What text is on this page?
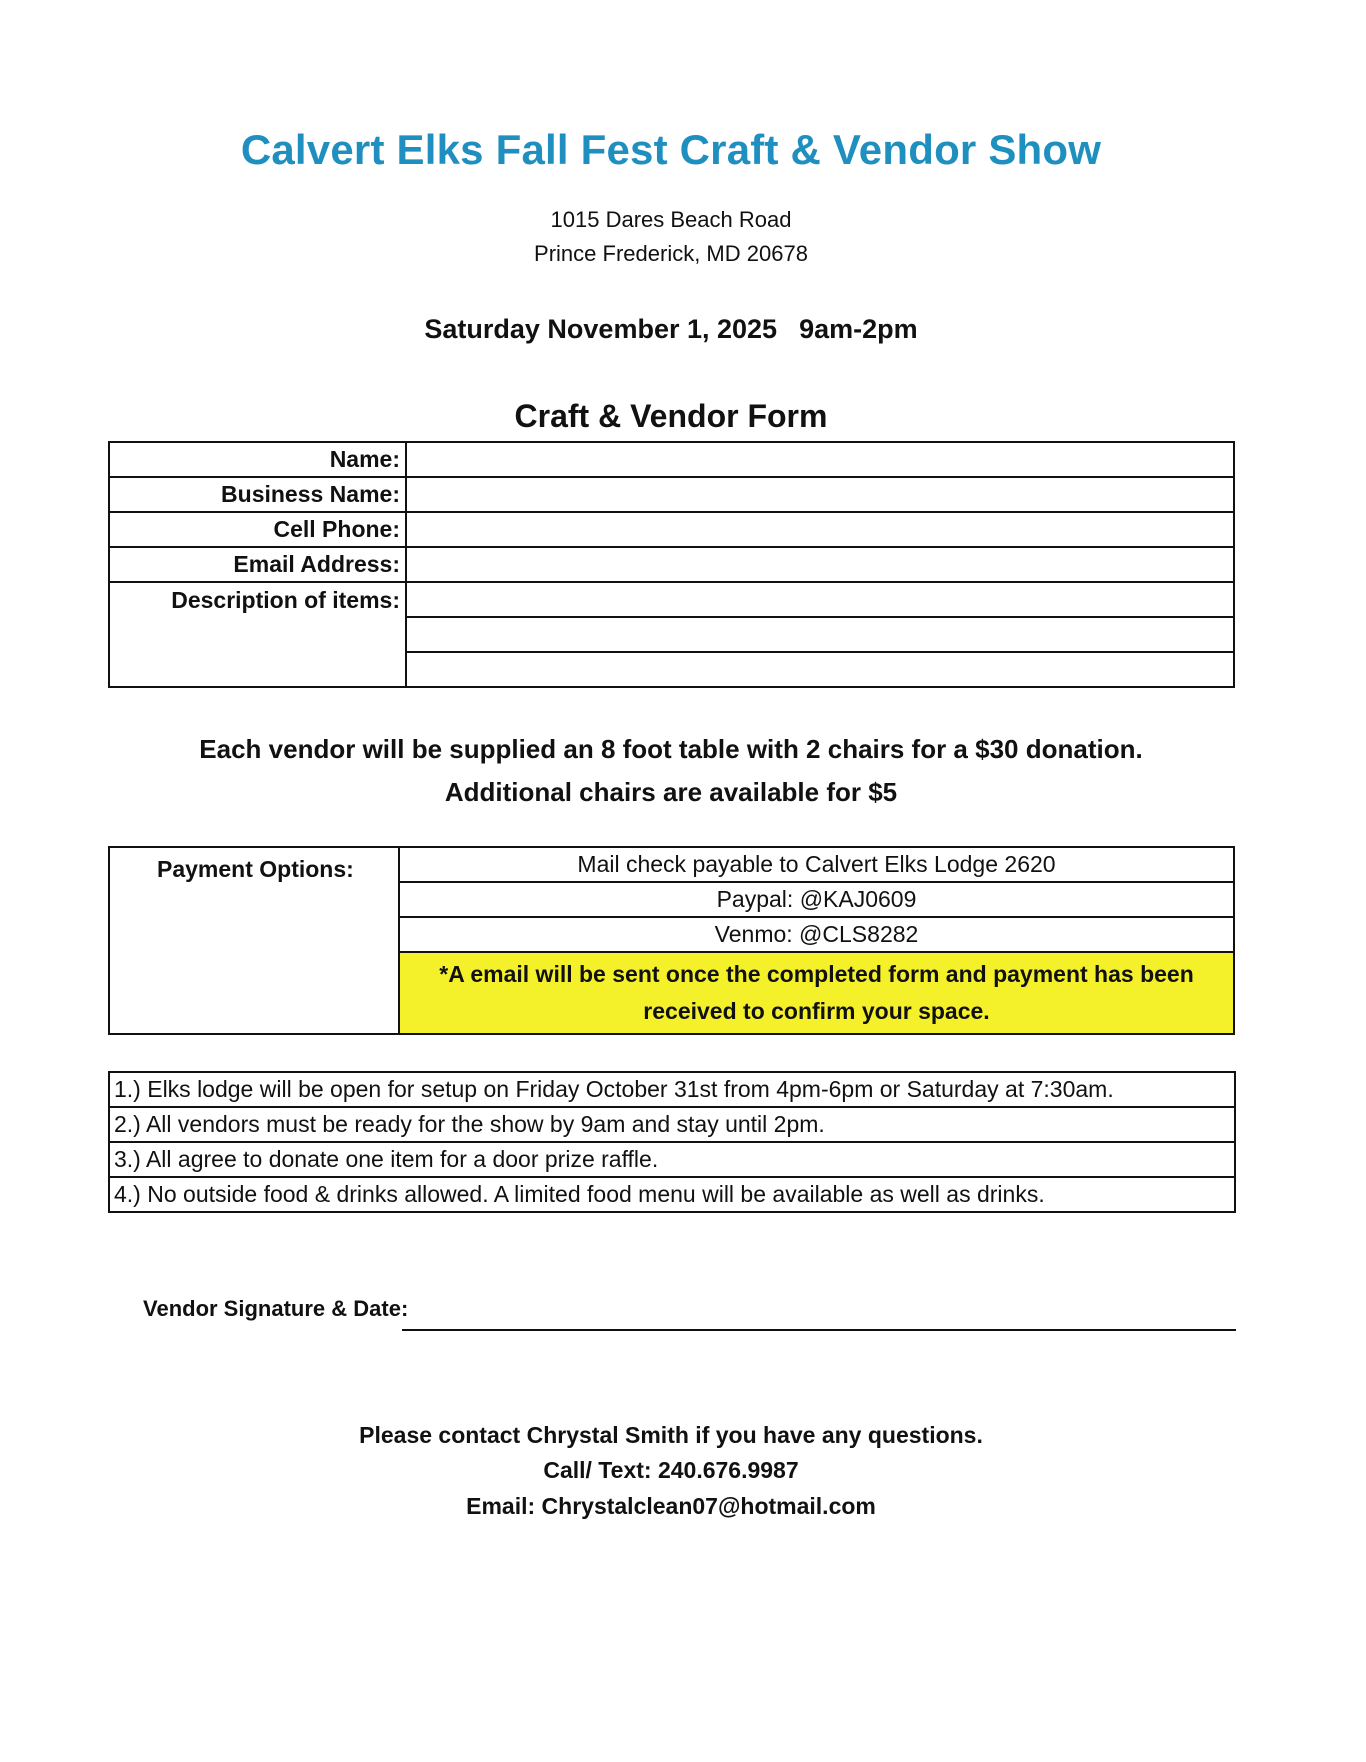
Calvert Elks Fall Fest Craft & Vendor Show
1015 Dares Beach Road
Prince Frederick, MD 20678
Saturday November 1, 2025 9am-2pm
Craft & Vendor Form
Name:	
Business Name:	
Cell Phone:	
Email Address:	
Description of items:	

Each vendor will be supplied an 8 foot table with 2 chairs for a $30 donation.
Additional chairs are available for $5
Payment Options:	Mail check payable to Calvert Elks Lodge 2620
Paypal: @KAJ0609
Venmo: @CLS8282
*A email will be sent once the completed form and payment has been received to confirm your space.
1.) Elks lodge will be open for setup on Friday October 31st from 4pm-6pm or Saturday at 7:30am.
2.) All vendors must be ready for the show by 9am and stay until 2pm.
3.) All agree to donate one item for a door prize raffle.
4.) No outside food & drinks allowed. A limited food menu will be available as well as drinks.
Vendor Signature & Date:
Please contact Chrystal Smith if you have any questions.
Call/ Text: 240.676.9987
Email: Chrystalclean07@hotmail.com
